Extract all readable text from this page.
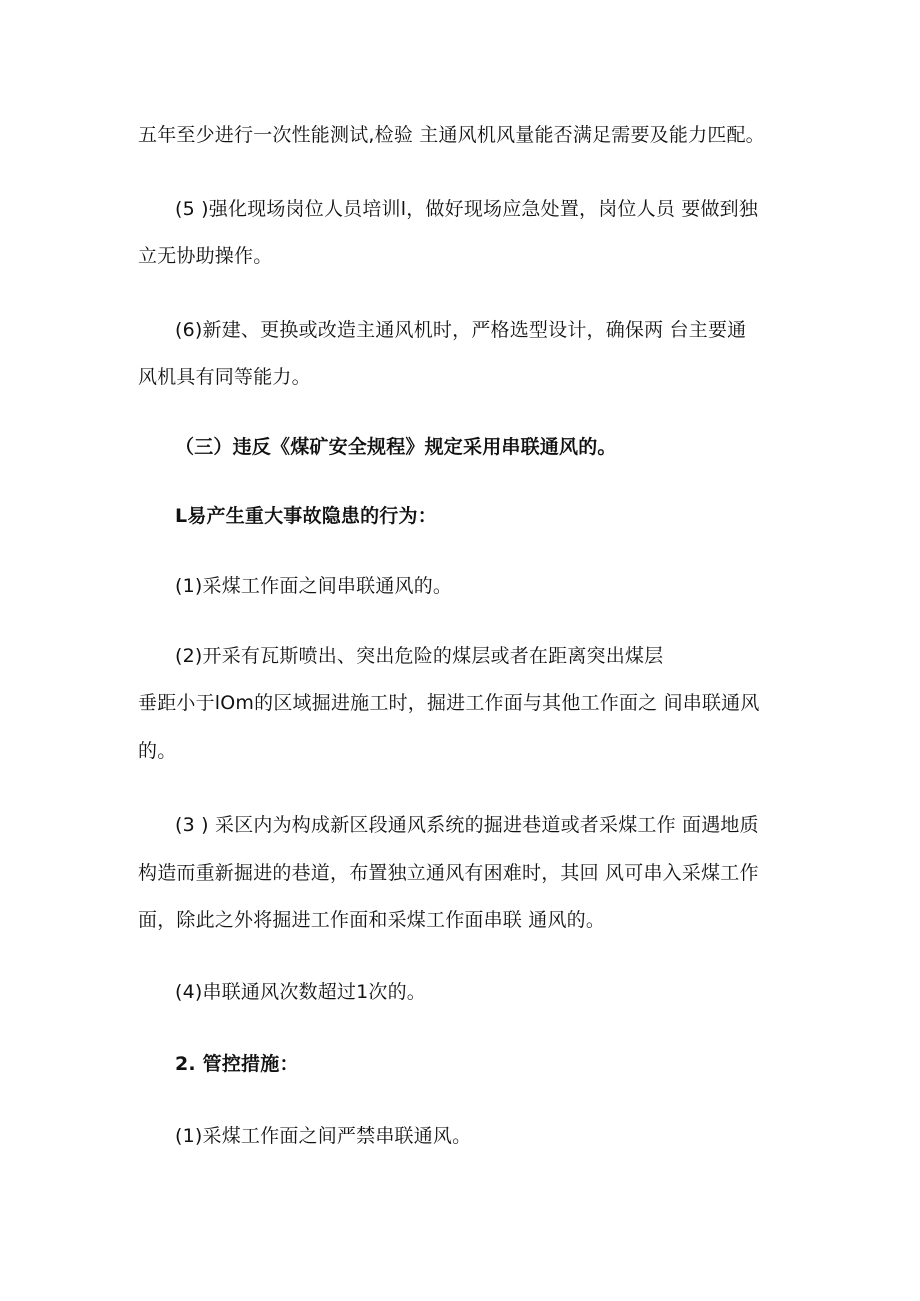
五年至少进行一次性能测试,检验 主通风机风量能否满足需要及能力匹配。
(5 )强化现场岗位人员培训l，做好现场应急处置，岗位人员 要做到独
立无协助操作。
(6)新建、更换或改造主通风机时，严格选型设计，确保两 台主要通
风机具有同等能力。
（三）违反《煤矿安全规程》规定采用串联通风的。
L易产生重大事故隐患的行为：
(1)采煤工作面之间串联通风的。
(2)开采有瓦斯喷出、突出危险的煤层或者在距离突出煤层
垂距小于lOm的区域掘进施工时，掘进工作面与其他工作面之 间串联通风
的。
(3 ) 采区内为构成新区段通风系统的掘进巷道或者采煤工作 面遇地质
构造而重新掘进的巷道，布置独立通风有困难时，其回 风可串入采煤工作
面，除此之外将掘进工作面和采煤工作面串联 通风的。
(4)串联通风次数超过1次的。
2. 管控措施：
(1)采煤工作面之间严禁串联通风。
